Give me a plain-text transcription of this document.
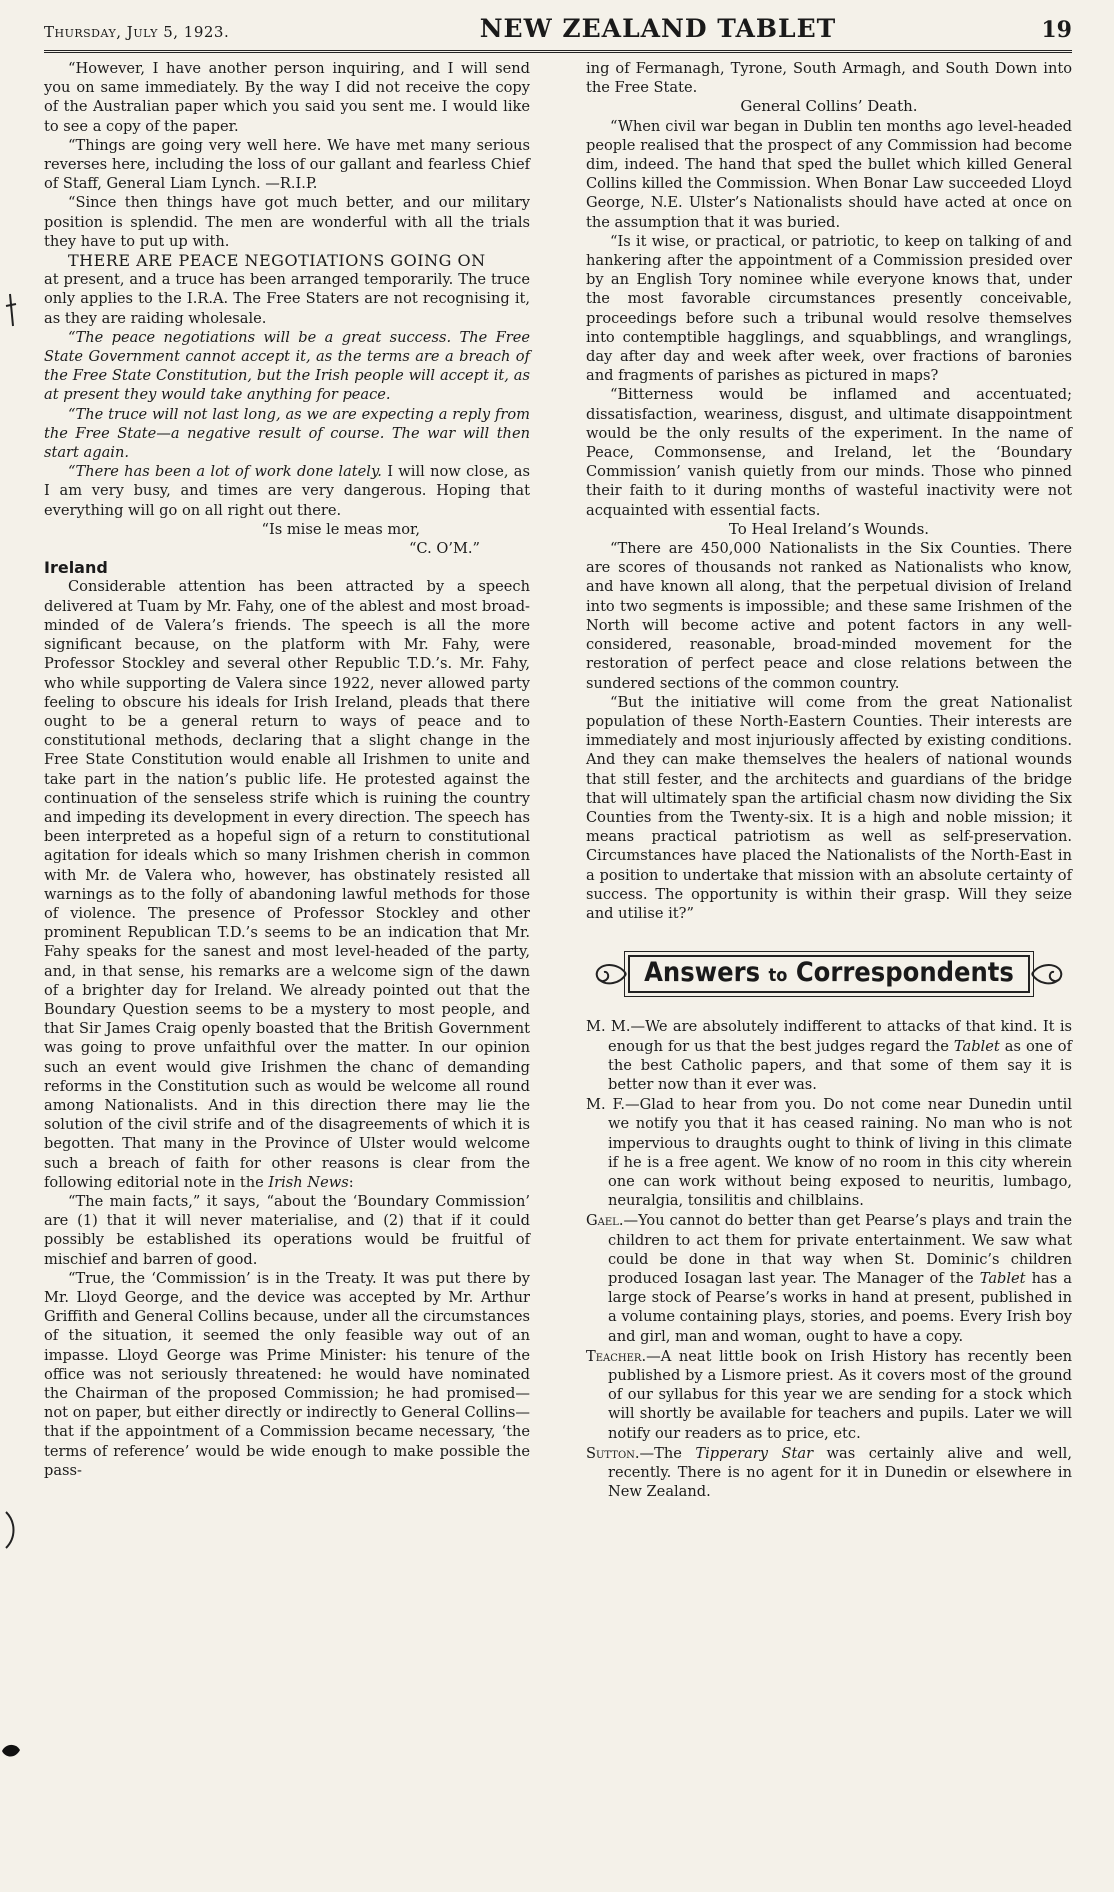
Thursday, July 5, 1923.	NEW ZEALAND TABLET	19

“However, I have another person inquiring, and I will send you on same immediately. By the way I did not receive the copy of the Australian paper which you said you sent me. I would like to see a copy of the paper.

“Things are going very well here. We have met many serious reverses here, including the loss of our gallant and fearless Chief of Staff, General Liam Lynch. —R.I.P.

“Since then things have got much better, and our military position is splendid. The men are wonderful with all the trials they have to put up with.

THERE ARE PEACE NEGOTIATIONS GOING ON

at present, and a truce has been arranged temporarily. The truce only applies to the I.R.A. The Free Staters are not recognising it, as they are raiding wholesale.

“The peace negotiations will be a great success. The Free State Government cannot accept it, as the terms are a breach of the Free State Constitution, but the Irish people will accept it, as at present they would take anything for peace.

“The truce will not last long, as we are expecting a reply from the Free State—a negative result of course. The war will then start again.

“There has been a lot of work done lately. I will now close, as I am very busy, and times are very dangerous. Hoping that everything will go on all right out there.

“Is mise le meas mor,

“C. O’M.”

Ireland

Considerable attention has been attracted by a speech delivered at Tuam by Mr. Fahy, one of the ablest and most broad-minded of de Valera’s friends. The speech is all the more significant because, on the platform with Mr. Fahy, were Professor Stockley and several other Republic T.D.’s. Mr. Fahy, who while supporting de Valera since 1922, never allowed party feeling to obscure his ideals for Irish Ireland, pleads that there ought to be a general return to ways of peace and to constitutional methods, declaring that a slight change in the Free State Constitution would enable all Irishmen to unite and take part in the nation’s public life. He protested against the continuation of the senseless strife which is ruining the country and impeding its development in every direction. The speech has been interpreted as a hopeful sign of a return to constitutional agitation for ideals which so many Irishmen cherish in common with Mr. de Valera who, however, has obstinately resisted all warnings as to the folly of abandoning lawful methods for those of violence. The presence of Professor Stockley and other prominent Republican T.D.’s seems to be an indication that Mr. Fahy speaks for the sanest and most level-headed of the party, and, in that sense, his remarks are a welcome sign of the dawn of a brighter day for Ireland. We already pointed out that the Boundary Question seems to be a mystery to most people, and that Sir James Craig openly boasted that the British Government was going to prove unfaithful over the matter. In our opinion such an event would give Irishmen the chanc of demanding reforms in the Constitution such as would be welcome all round among Nationalists. And in this direction there may lie the solution of the civil strife and of the disagreements of which it is begotten. That many in the Province of Ulster would welcome such a breach of faith for other reasons is clear from the following editorial note in the Irish News:

“The main facts,” it says, “about the ‘Boundary Commission’ are (1) that it will never materialise, and (2) that if it could possibly be established its operations would be fruitful of mischief and barren of good.

“True, the ‘Commission’ is in the Treaty. It was put there by Mr. Lloyd George, and the device was accepted by Mr. Arthur Griffith and General Collins because, under all the circumstances of the situation, it seemed the only feasible way out of an impasse. Lloyd George was Prime Minister: his tenure of the office was not seriously threatened: he would have nominated the Chairman of the proposed Commission; he had promised—not on paper, but either directly or indirectly to General Collins—that if the appointment of a Commission became necessary, ‘the terms of reference’ would be wide enough to make possible the pass-

ing of Fermanagh, Tyrone, South Armagh, and South Down into the Free State.

General Collins’ Death.

“When civil war began in Dublin ten months ago level-headed people realised that the prospect of any Commission had become dim, indeed. The hand that sped the bullet which killed General Collins killed the Commission. When Bonar Law succeeded Lloyd George, N.E. Ulster’s Nationalists should have acted at once on the assumption that it was buried.

“Is it wise, or practical, or patriotic, to keep on talking of and hankering after the appointment of a Commission presided over by an English Tory nominee while everyone knows that, under the most favorable circumstances presently conceivable, proceedings before such a tribunal would resolve themselves into contemptible hagglings, and squabblings, and wranglings, day after day and week after week, over fractions of baronies and fragments of parishes as pictured in maps?

“Bitterness would be inflamed and accentuated; dissatisfaction, weariness, disgust, and ultimate disappointment would be the only results of the experiment. In the name of Peace, Commonsense, and Ireland, let the ‘Boundary Commission’ vanish quietly from our minds. Those who pinned their faith to it during months of wasteful inactivity were not acquainted with essential facts.

To Heal Ireland’s Wounds.

“There are 450,000 Nationalists in the Six Counties. There are scores of thousands not ranked as Nationalists who know, and have known all along, that the perpetual division of Ireland into two segments is impossible; and these same Irishmen of the North will become active and potent factors in any well-considered, reasonable, broad-minded movement for the restoration of perfect peace and close relations between the sundered sections of the common country.

“But the initiative will come from the great Nationalist population of these North-Eastern Counties. Their interests are immediately and most injuriously affected by existing conditions. And they can make themselves the healers of national wounds that still fester, and the architects and guardians of the bridge that will ultimately span the artificial chasm now dividing the Six Counties from the Twenty-six. It is a high and noble mission; it means practical patriotism as well as self-preservation. Circumstances have placed the Nationalists of the North-East in a position to undertake that mission with an absolute certainty of success. The opportunity is within their grasp. Will they seize and utilise it?”

Answers to Correspondents

M. M.—We are absolutely indifferent to attacks of that kind. It is enough for us that the best judges regard the Tablet as one of the best Catholic papers, and that some of them say it is better now than it ever was.

M. F.—Glad to hear from you. Do not come near Dunedin until we notify you that it has ceased raining. No man who is not impervious to draughts ought to think of living in this climate if he is a free agent. We know of no room in this city wherein one can work without being exposed to neuritis, lumbago, neuralgia, tonsilitis and chilblains.

Gael.—You cannot do better than get Pearse’s plays and train the children to act them for private entertainment. We saw what could be done in that way when St. Dominic’s children produced Iosagan last year. The Manager of the Tablet has a large stock of Pearse’s works in hand at present, published in a volume containing plays, stories, and poems. Every Irish boy and girl, man and woman, ought to have a copy.

Teacher.—A neat little book on Irish History has recently been published by a Lismore priest. As it covers most of the ground of our syllabus for this year we are sending for a stock which will shortly be available for teachers and pupils. Later we will notify our readers as to price, etc.

Sutton.—The Tipperary Star was certainly alive and well, recently. There is no agent for it in Dunedin or elsewhere in New Zealand.
